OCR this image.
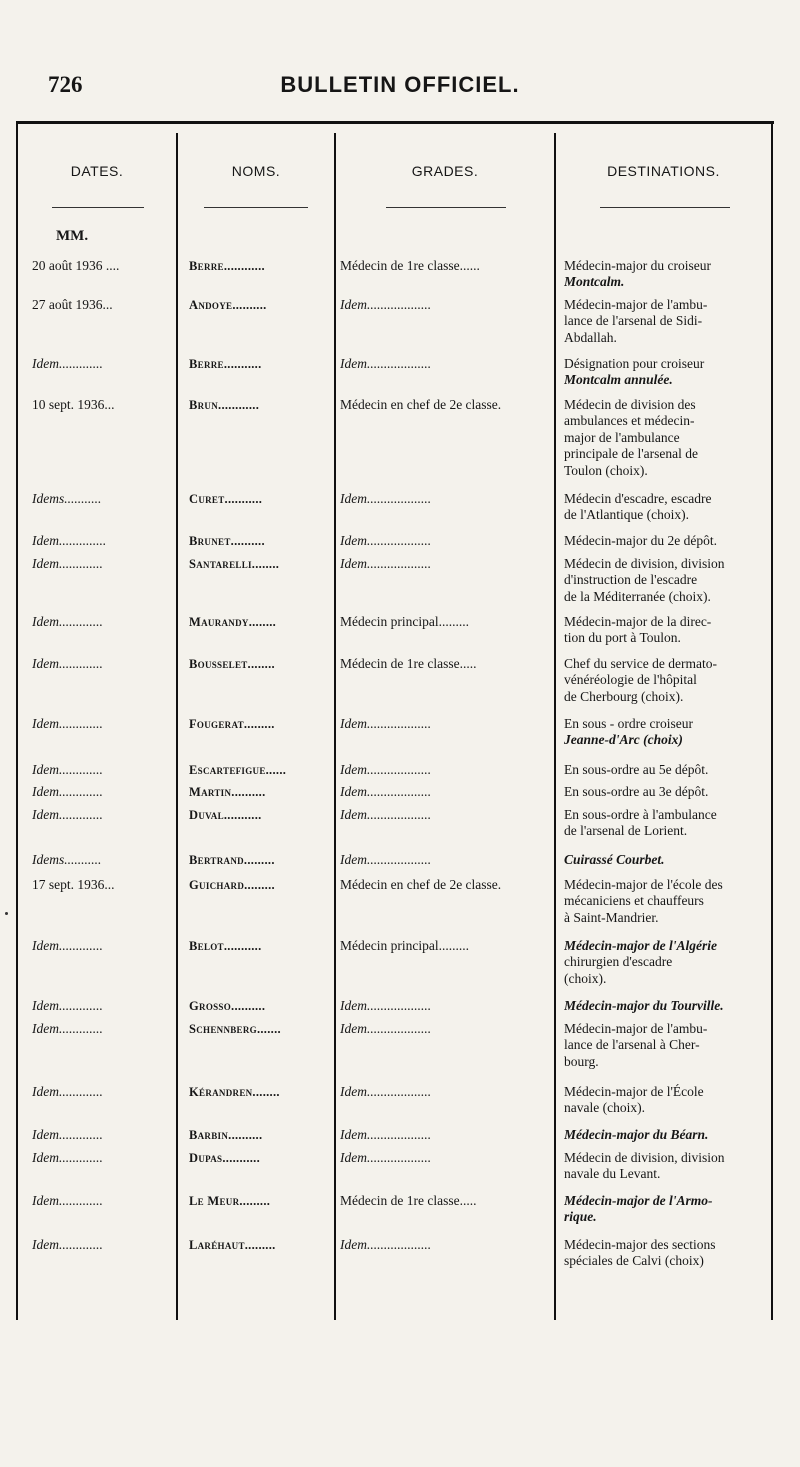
726	BULLETIN OFFICIEL.
DATES.	NOMS.	GRADES.	DESTINATIONS.
MM.
20 août 1936 ....	Berre............	Médecin de 1re classe......	Médecin-major du croiseur
Montcalm.
27 août 1936...	Andoye..........	Idem...................	Médecin-major de l'ambu-
lance de l'arsenal de Sidi-
Abdallah.
Idem.............	Berre...........	Idem...................	Désignation pour croiseur
Montcalm annulée.
10 sept. 1936...	Brun............	Médecin en chef de 2e classe.	Médecin de division des
ambulances et médecin-
major de l'ambulance
principale de l'arsenal de
Toulon (choix).
Idems...........	Curet...........	Idem...................	Médecin d'escadre, escadre
de l'Atlantique (choix).
Idem..............	Brunet..........	Idem...................	Médecin-major du 2e dépôt.
Idem.............	Santarelli........	Idem...................	Médecin de division, division
d'instruction de l'escadre
de la Méditerranée (choix).
Idem.............	Maurandy........	Médecin principal.........	Médecin-major de la direc-
tion du port à Toulon.
Idem.............	Bousselet........	Médecin de 1re classe.....	Chef du service de dermato-
vénéréologie de l'hôpital
de Cherbourg (choix).
Idem.............	Fougerat.........	Idem...................	En sous - ordre croiseur
Jeanne-d'Arc (choix)
Idem.............	Escartefigue......	Idem...................	En sous-ordre au 5e dépôt.
Idem.............	Martin..........	Idem...................	En sous-ordre au 3e dépôt.
Idem.............	Duval...........	Idem...................	En sous-ordre à l'ambulance
de l'arsenal de Lorient.
Idems...........	Bertrand.........	Idem...................	Cuirassé Courbet.
17 sept. 1936...	Guichard.........	Médecin en chef de 2e classe.	Médecin-major de l'école des
mécaniciens et chauffeurs
à Saint-Mandrier.
Idem.............	Belot...........	Médecin principal.........	Médecin-major de l'Algérie
chirurgien d'escadre
(choix).
Idem.............	Grosso..........	Idem...................	Médecin-major du Tourville.
Idem.............	Schennberg.......	Idem...................	Médecin-major de l'ambu-
lance de l'arsenal à Cher-
bourg.
Idem.............	Kérandren........	Idem...................	Médecin-major de l'École
navale (choix).
Idem.............	Barbin..........	Idem...................	Médecin-major du Béarn.
Idem.............	Dupas...........	Idem...................	Médecin de division, division
navale du Levant.
Idem.............	Le Meur.........	Médecin de 1re classe.....	Médecin-major de l'Armo-
rique.
Idem.............	Laréhaut.........	Idem...................	Médecin-major des sections
spéciales de Calvi (choix)
